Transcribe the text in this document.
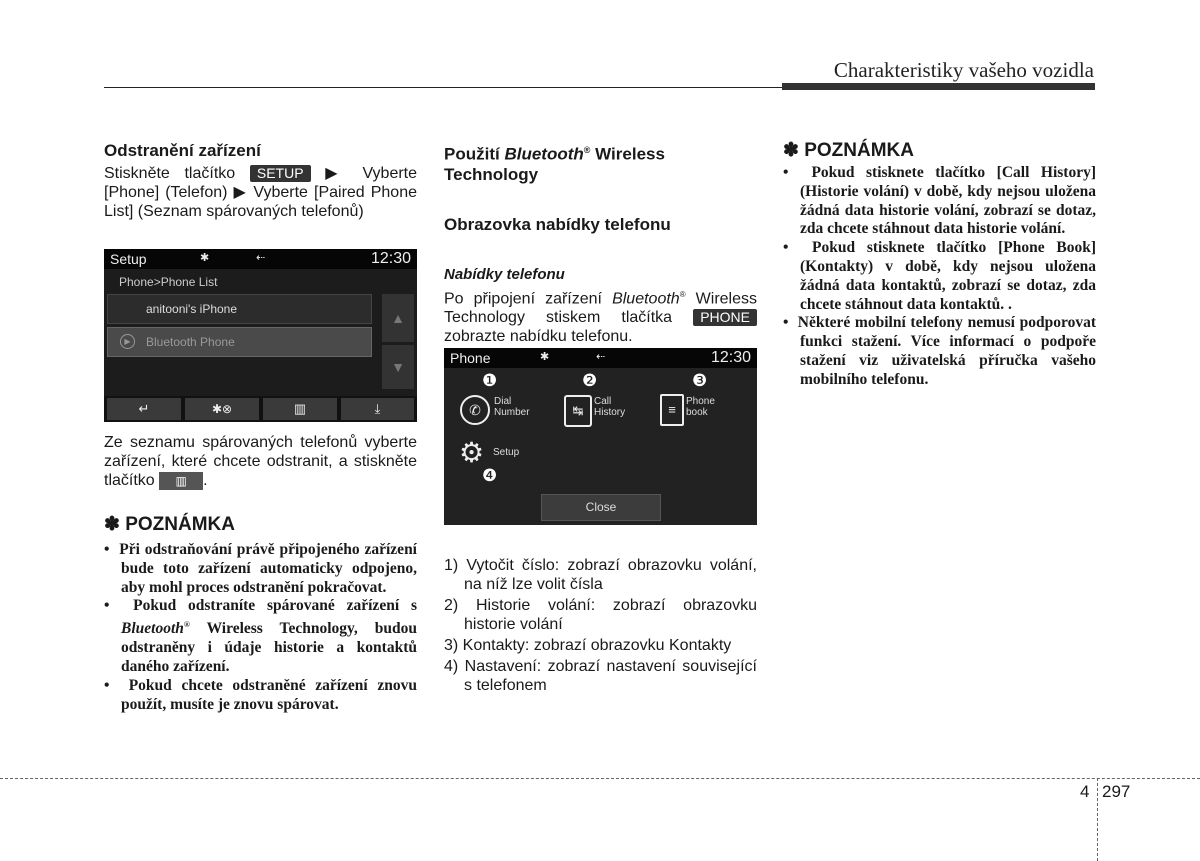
Charakteristiky vašeho vozidla
Odstranění zařízení
Stiskněte tlačítko SETUP ▶ Vyberte [Phone] (Telefon) ▶ Vyberte [Paired Phone List] (Seznam spárovaných telefonů)
Setup	✱	⇠	12:30
Phone>Phone List
anitooni's iPhone
▶	Bluetooth Phone
▲
▼
↵	✱⊗	▥	⤓
Ze seznamu spárovaných telefonů vyberte zařízení, které chcete odstranit, a stiskněte tlačítko ▥ .
✽ POZNÁMKA
•  Při odstraňování právě připojeného zařízení bude toto zařízení automaticky odpojeno, aby mohl proces odstranění pokračovat.
•  Pokud odstraníte spárované zařízení s Bluetooth® Wireless Technology, budou odstraněny i údaje historie a kontaktů daného zařízení.
•  Pokud chcete odstraněné zařízení znovu použít, musíte je znovu spárovat.
Použití Bluetooth® Wireless Technology
Obrazovka nabídky telefonu
Nabídky telefonu
Po připojení zařízení Bluetooth® Wireless Technology stiskem tlačítka PHONE zobrazte nabídku telefonu.
Phone	✱	⇠	12:30
❶	❷	❸
✆
Dial Number	↹
Call History	≡
Phone book
⚙ Setup
❹
Close
1) Vytočit číslo: zobrazí obrazovku volání, na níž lze volit čísla
2) Historie volání: zobrazí obrazovku historie volání
3) Kontakty: zobrazí obrazovku Kontakty
4) Nastavení: zobrazí nastavení související s telefonem
✽ POZNÁMKA
•  Pokud stisknete tlačítko [Call History] (Historie volání) v době, kdy nejsou uložena žádná data historie volání, zobrazí se dotaz, zda chcete stáhnout data historie volání.
•  Pokud stisknete tlačítko [Phone Book] (Kontakty) v době, kdy nejsou uložena žádná data kontaktů, zobrazí se dotaz, zda chcete stáhnout data kontaktů. .
•  Některé mobilní telefony nemusí podporovat funkci stažení. Více informací o podpoře stažení viz uživatelská příručka vašeho mobilního telefonu.
4 297
